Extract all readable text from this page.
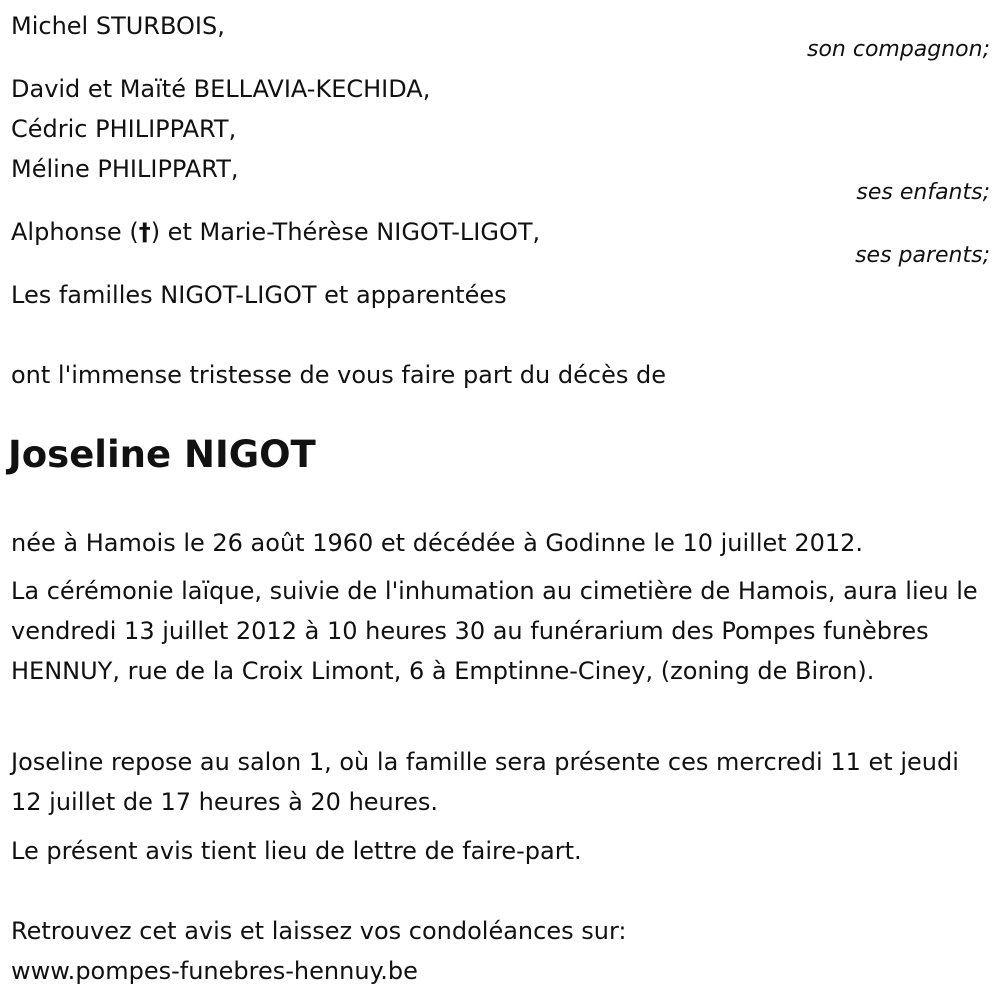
Michel STURBOIS,
son compagnon;
David et Maïté BELLAVIA-KECHIDA,
Cédric PHILIPPART,
Méline PHILIPPART,
ses enfants;
Alphonse (†) et Marie-Thérèse NIGOT-LIGOT,
ses parents;
Les familles NIGOT-LIGOT et apparentées
ont l'immense tristesse de vous faire part du décès de
Joseline NIGOT
née à Hamois le 26 août 1960 et décédée à Godinne le 10 juillet 2012.
La cérémonie laïque, suivie de l'inhumation au cimetière de Hamois, aura lieu le vendredi 13 juillet 2012 à 10 heures 30 au funérarium des Pompes funèbres HENNUY, rue de la Croix Limont, 6 à Emptinne-Ciney, (zoning de Biron).
Joseline repose au salon 1, où la famille sera présente ces mercredi 11 et jeudi 12 juillet de 17 heures à 20 heures.
Le présent avis tient lieu de lettre de faire-part.
Retrouvez cet avis et laissez vos condoléances sur:
www.pompes-funebres-hennuy.be
